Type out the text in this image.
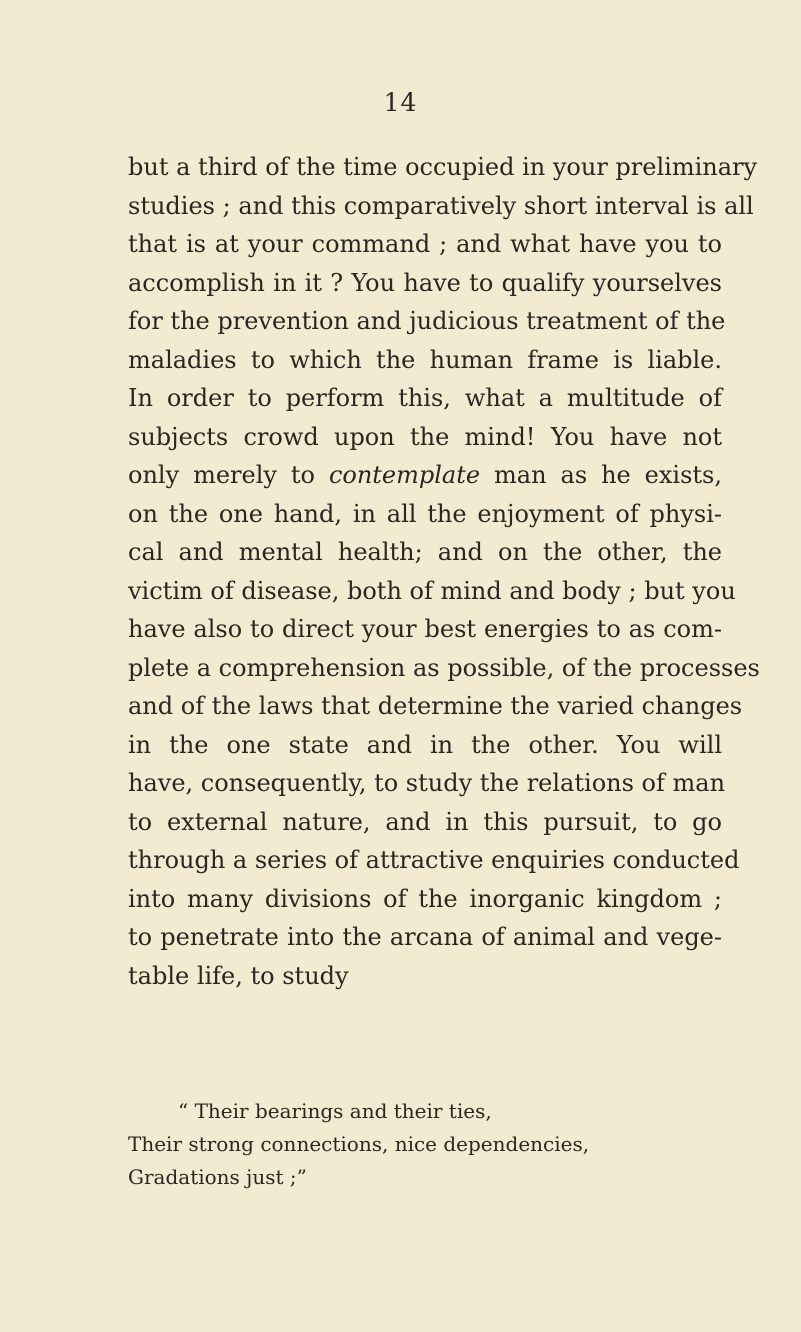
14
but a third of the time occupied in your preliminary
studies ; and this comparatively short interval is all
that is at your command ; and what have you to
accomplish in it ? You have to qualify yourselves
for the prevention and judicious treatment of the
maladies to which the human frame is liable.
In order to perform this, what a multitude of
subjects crowd upon the mind! You have not
only merely to contemplate man as he exists,
on the one hand, in all the enjoyment of physi-
cal and mental health; and on the other, the
victim of disease, both of mind and body ; but you
have also to direct your best energies to as com-
plete a comprehension as possible, of the processes
and of the laws that determine the varied changes
in the one state and in the other. You will
have, consequently, to study the relations of man
to external nature, and in this pursuit, to go
through a series of attractive enquiries conducted
into many divisions of the inorganic kingdom ;
to penetrate into the arcana of animal and vege-
table life, to study
“ Their bearings and their ties,
Their strong connections, nice dependencies,
Gradations just ;”
